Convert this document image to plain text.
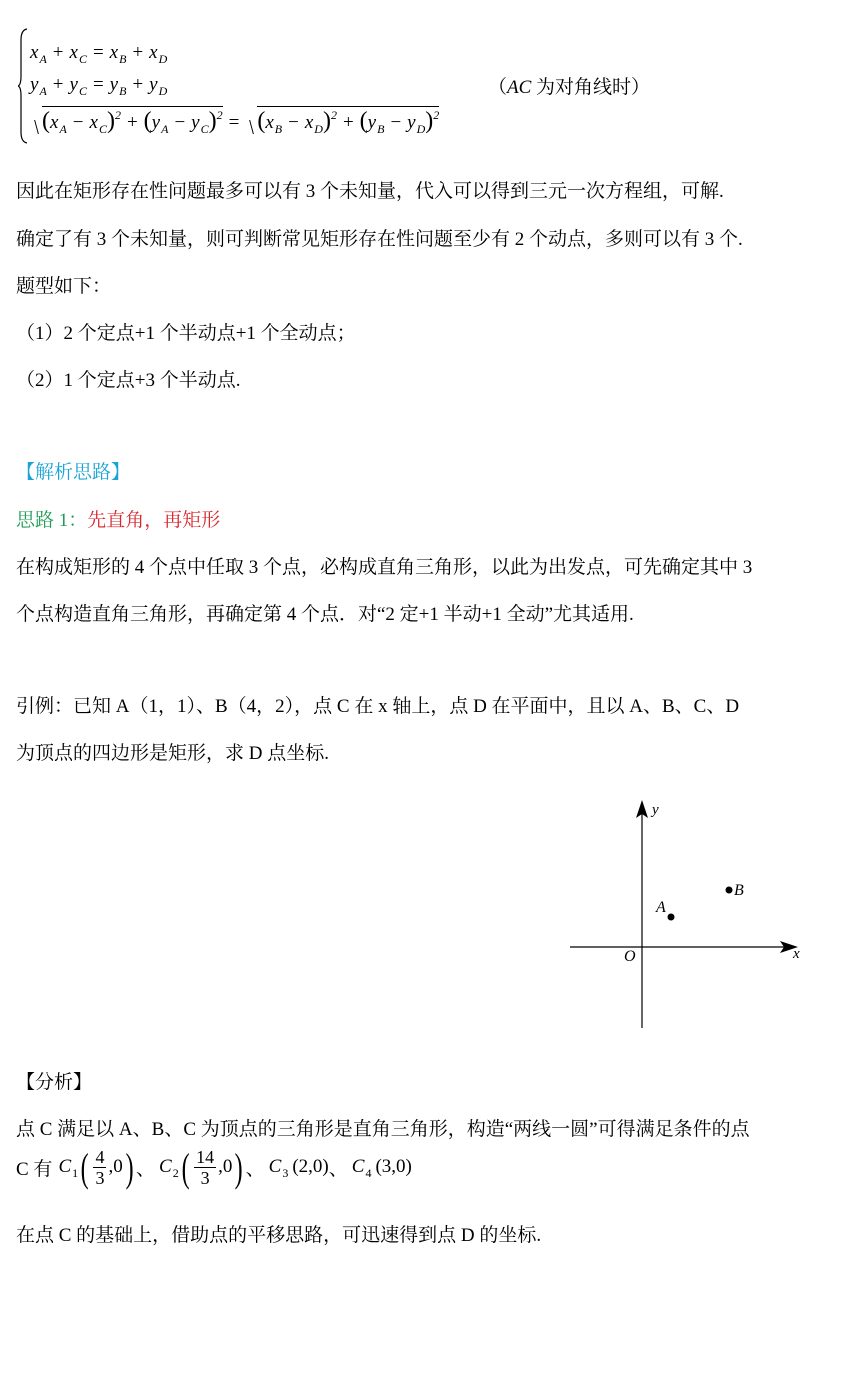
$x_A + x_C = x_B + x_D$
$y_A + y_C = y_B + y_D$
$(x_A - x_C)^2 + (y_A - y_C)^2 = (x_B - x_D)^2 + (y_B - y_D)^2$
（AC 为对角线时）
因此在矩形存在性问题最多可以有 3 个未知量，代入可以得到三元一次方程组，可解.
确定了有 3 个未知量，则可判断常见矩形存在性问题至少有 2 个动点，多则可以有 3 个.
题型如下：
（1）2 个定点+1 个半动点+1 个全动点；
（2）1 个定点+3 个半动点.
【解析思路】
思路 1：先直角，再矩形
在构成矩形的 4 个点中任取 3 个点，必构成直角三角形，以此为出发点，可先确定其中 3
个点构造直角三角形，再确定第 4 个点．对“2 定+1 半动+1 全动”尤其适用.
引例：已知 A（1，1）、B（4，2），点 C 在 x 轴上，点 D 在平面中，且以 A、B、C、D
为顶点的四边形是矩形，求 D 点坐标.
y
x
O
A
B
【分析】
点 C 满足以 A、B、C 为顶点的三角形是直角三角形，构造“两线一圆”可得满足条件的点
C 有 C 1 ( $\frac{4}{3}$ , 0 ) 、 C 2 ( $\frac{14}{3}$ , 0 ) 、 C 3 (2,0) 、 C 4 (3,0)
在点 C 的基础上，借助点的平移思路，可迅速得到点 D 的坐标.
